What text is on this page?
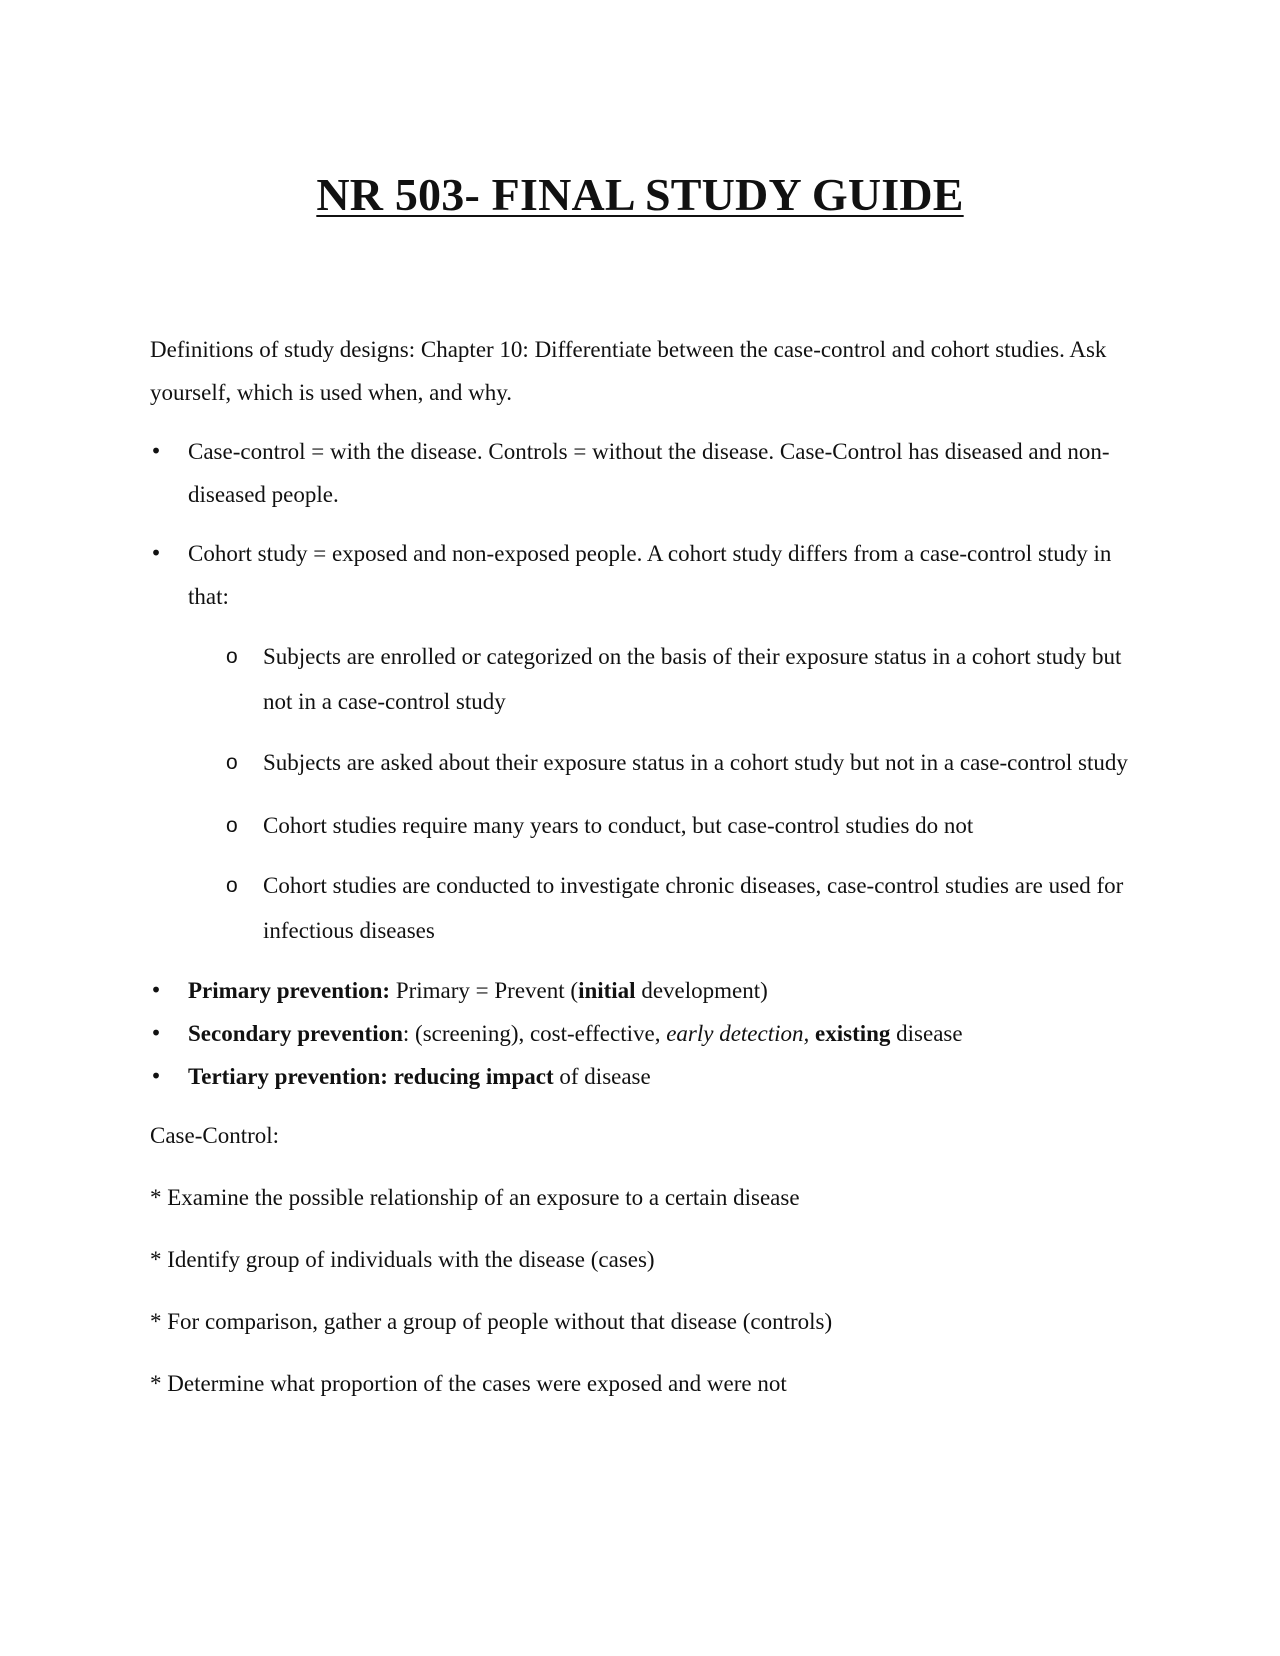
NR 503- FINAL STUDY GUIDE

Definitions of study designs: Chapter 10: Differentiate between the case-control and cohort studies. Ask yourself, which is used when, and why.

• Case-control = with the disease. Controls = without the disease. Case-Control has diseased and non-diseased people.
• Cohort study = exposed and non-exposed people. A cohort study differs from a case-control study in that:
o Subjects are enrolled or categorized on the basis of their exposure status in a cohort study but not in a case-control study
o Subjects are asked about their exposure status in a cohort study but not in a case-control study
o Cohort studies require many years to conduct, but case-control studies do not
o Cohort studies are conducted to investigate chronic diseases, case-control studies are used for infectious diseases
• Primary prevention: Primary = Prevent (initial development)
• Secondary prevention: (screening), cost-effective, early detection, existing disease
• Tertiary prevention: reducing impact of disease

Case-Control:

* Examine the possible relationship of an exposure to a certain disease

* Identify group of individuals with the disease (cases)

* For comparison, gather a group of people without that disease (controls)

* Determine what proportion of the cases were exposed and were not
